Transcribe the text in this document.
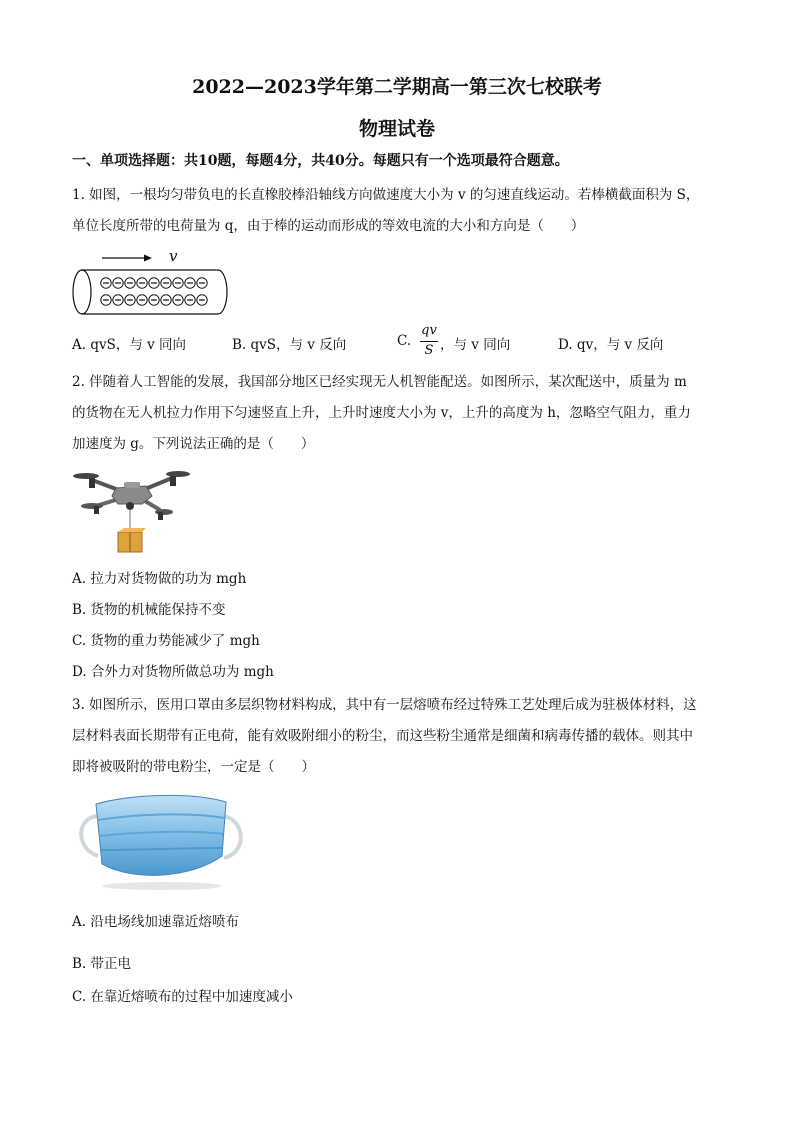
2022—2023学年第二学期高一第三次七校联考
物理试卷
一、单项选择题：共10题，每题4分，共40分。每题只有一个选项最符合题意。
1. 如图，一根均匀带负电的长直橡胶棒沿轴线方向做速度大小为 v 的匀速直线运动。若棒横截面积为 S，
单位长度所带的电荷量为 q，由于棒的运动而形成的等效电流的大小和方向是（　　）
v
A. qvS，与 v 同向	B. qvS，与 v 反向	C.
qv
S ，与 v 同向	D. qv，与 v 反向
2. 伴随着人工智能的发展，我国部分地区已经实现无人机智能配送。如图所示，某次配送中，质量为 m
的货物在无人机拉力作用下匀速竖直上升，上升时速度大小为 v，上升的高度为 h，忽略空气阻力，重力
加速度为 g。下列说法正确的是（　　）
A. 拉力对货物做的功为 mgh
B. 货物的机械能保持不变
C. 货物的重力势能减少了 mgh
D. 合外力对货物所做总功为 mgh
3. 如图所示，医用口罩由多层织物材料构成，其中有一层熔喷布经过特殊工艺处理后成为驻极体材料，这
层材料表面长期带有正电荷，能有效吸附细小的粉尘，而这些粉尘通常是细菌和病毒传播的载体。则其中
即将被吸附的带电粉尘，一定是（　　）
A. 沿电场线加速靠近熔喷布
B. 带正电
C. 在靠近熔喷布的过程中加速度减小
